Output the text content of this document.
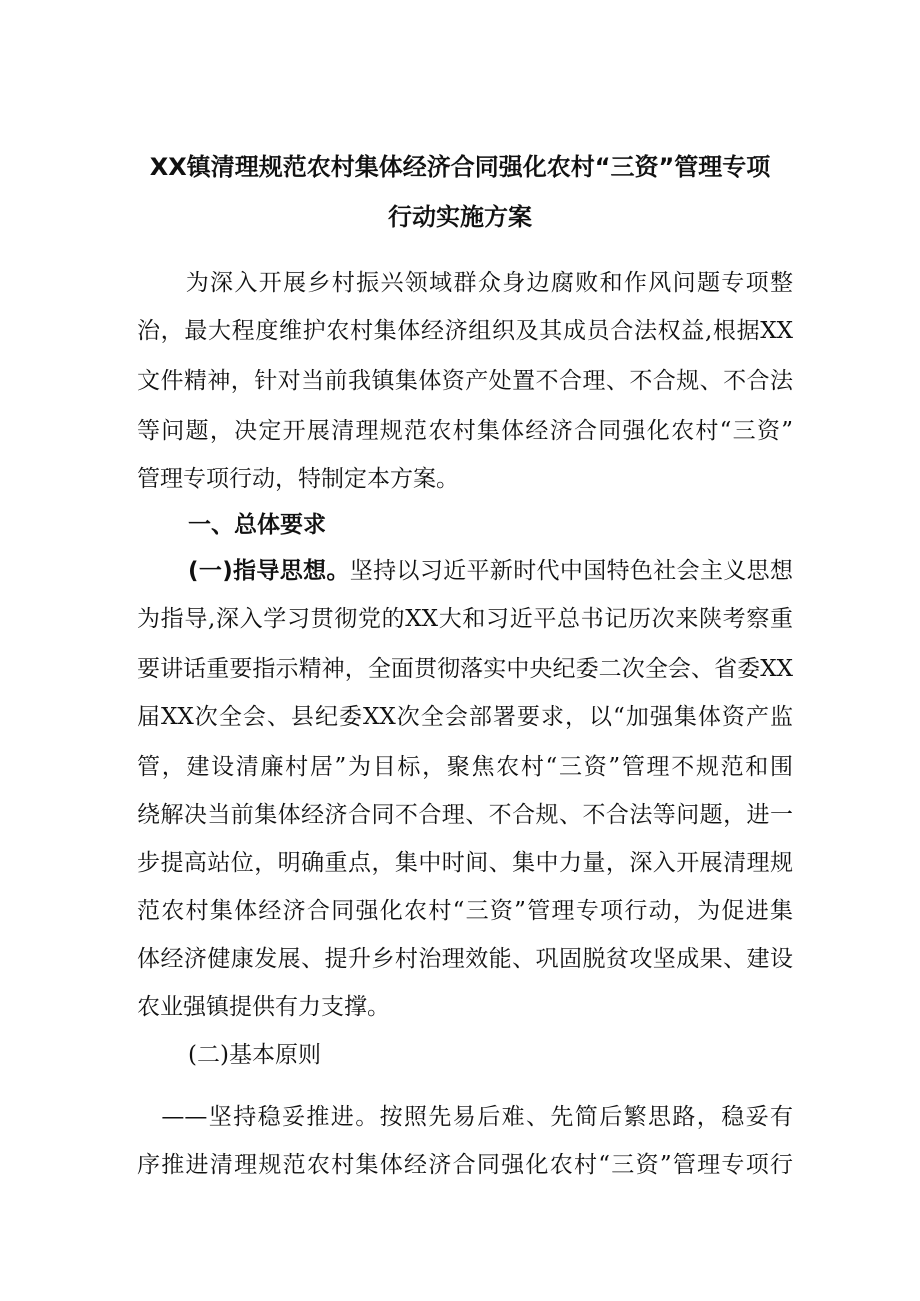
XX镇清理规范农村集体经济合同强化农村“三资”管理专项
行动实施方案
　　为深入开展乡村振兴领域群众身边腐败和作风问题专项整
治，最大程度维护农村集体经济组织及其成员合法权益,根据XX
文件精神，针对当前我镇集体资产处置不合理、不合规、不合法
等问题，决定开展清理规范农村集体经济合同强化农村“三资”
管理专项行动，特制定本方案。
一、总体要求
(一)指导思想。坚持以习近平新时代中国特色社会主义思想
为指导,深入学习贯彻党的XX大和习近平总书记历次来陕考察重
要讲话重要指示精神，全面贯彻落实中央纪委二次全会、省委XX
届XX次全会、县纪委XX次全会部署要求，以“加强集体资产监
管，建设清廉村居”为目标，聚焦农村“三资”管理不规范和围
绕解决当前集体经济合同不合理、不合规、不合法等问题，进一
步提高站位，明确重点，集中时间、集中力量，深入开展清理规
范农村集体经济合同强化农村“三资”管理专项行动，为促进集
体经济健康发展、提升乡村治理效能、巩固脱贫攻坚成果、建设
农业强镇提供有力支撑。
(二)基本原则
　——坚持稳妥推进。按照先易后难、先简后繁思路，稳妥有
序推进清理规范农村集体经济合同强化农村“三资”管理专项行
